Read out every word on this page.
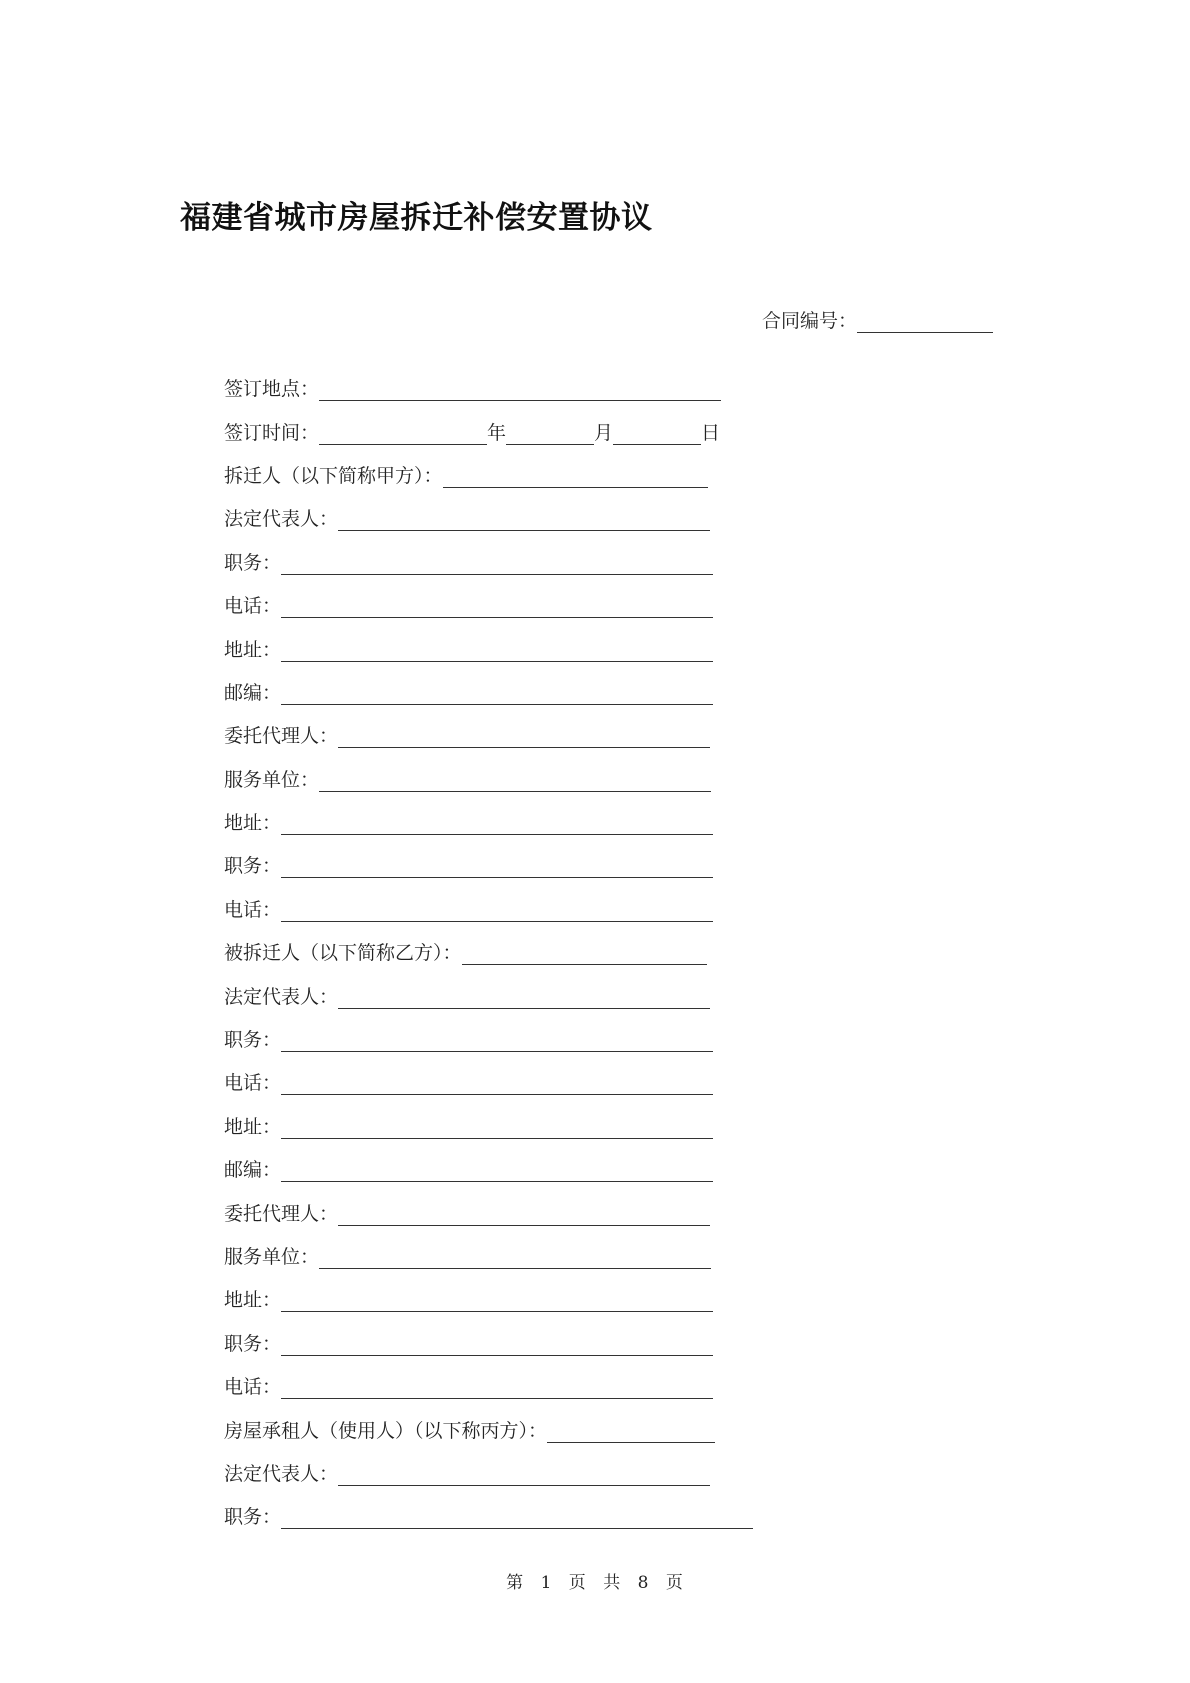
福建省城市房屋拆迁补偿安置协议
合同编号：
签订地点：
签订时间：	年	月	日
拆迁人（以下简称甲方）：
法定代表人：
职务：
电话：
地址：
邮编：
委托代理人：
服务单位：
地址：
职务：
电话：
被拆迁人（以下简称乙方）：
法定代表人：
职务：
电话：
地址：
邮编：
委托代理人：
服务单位：
地址：
职务：
电话：
房屋承租人（使用人）（以下称丙方）：
法定代表人：
职务：
第 1 页 共 8 页
